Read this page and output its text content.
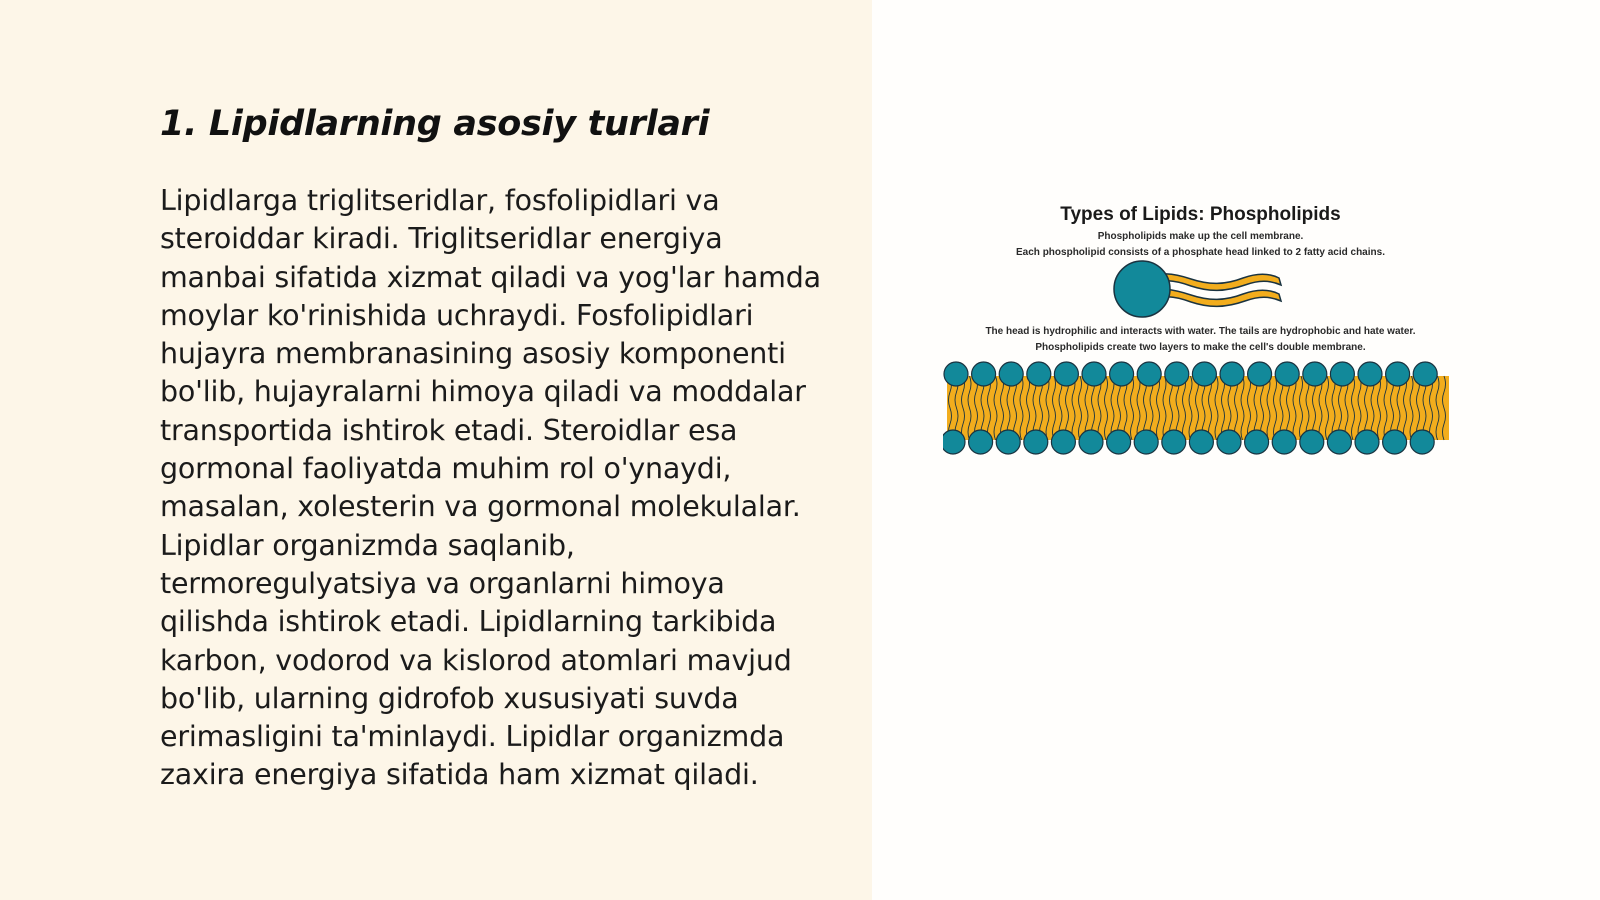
1. Lipidlarning asosiy turlari

Lipidlarga triglitseridlar, fosfolipidlari va steroiddar kiradi. Triglitseridlar energiya manbai sifatida xizmat qiladi va yog'lar hamda moylar ko'rinishida uchraydi. Fosfolipidlari hujayra membranasining asosiy komponenti bo'lib, hujayralarni himoya qiladi va moddalar transportida ishtirok etadi. Steroidlar esa gormonal faoliyatda muhim rol o'ynaydi, masalan, xolesterin va gormonal molekulalar. Lipidlar organizmda saqlanib, termoregulyatsiya va organlarni himoya qilishda ishtirok etadi. Lipidlarning tarkibida karbon, vodorod va kislorod atomlari mavjud bo'lib, ularning gidrofob xususiyati suvda erimasligini ta'minlaydi. Lipidlar organizmda zaxira energiya sifatida ham xizmat qiladi.

Types of Lipids: Phospholipids
Phospholipids make up the cell membrane.
Each phospholipid consists of a phosphate head linked to 2 fatty acid chains.
The head is hydrophilic and interacts with water. The tails are hydrophobic and hate water.
Phospholipids create two layers to make the cell's double membrane.
